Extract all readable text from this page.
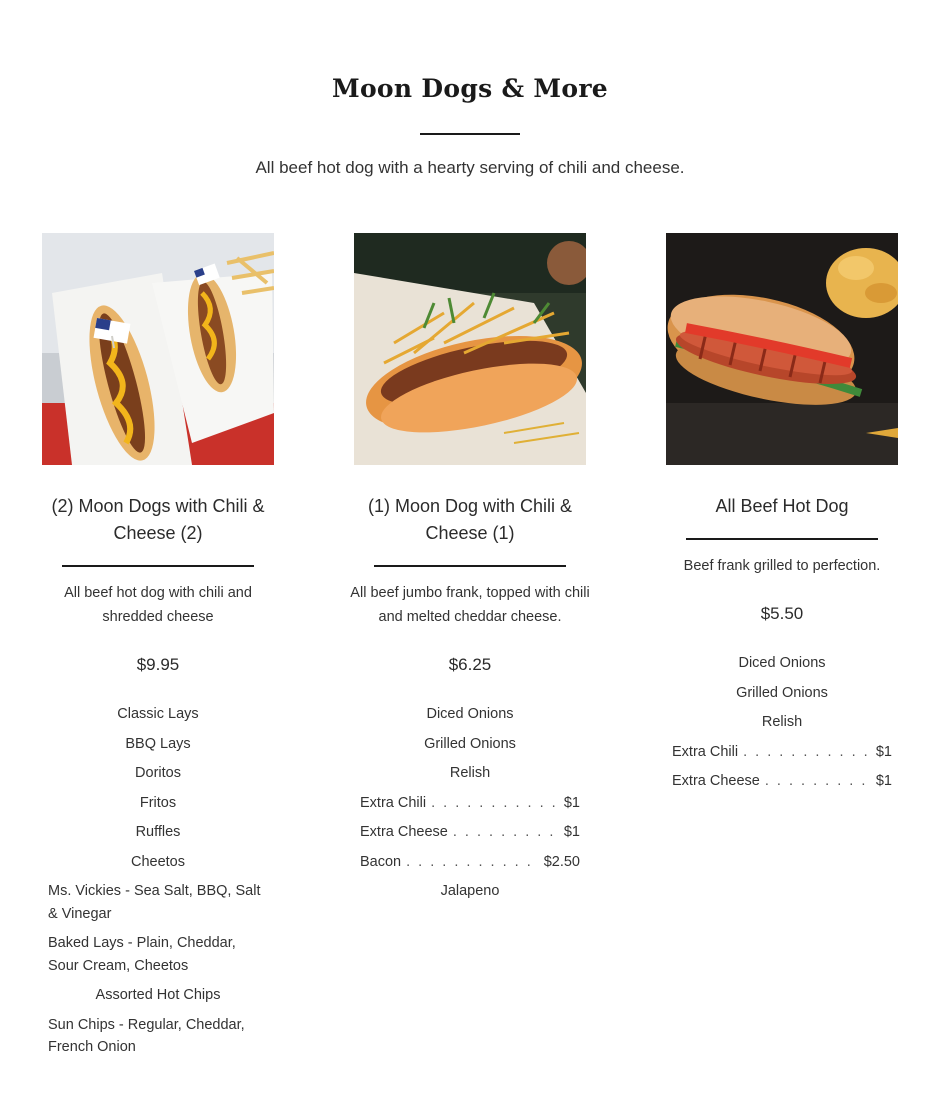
Moon Dogs & More

All beef hot dog with a hearty serving of chili and cheese.

(2) Moon Dogs with Chili & Cheese (2)
All beef hot dog with chili and shredded cheese
$9.95
Classic Lays
BBQ Lays
Doritos
Fritos
Ruffles
Cheetos
Ms. Vickies - Sea Salt, BBQ, Salt & Vinegar
Baked Lays - Plain, Cheddar, Sour Cream, Cheetos
Assorted Hot Chips
Sun Chips - Regular, Cheddar, French Onion
(1) Moon Dog with Chili & Cheese (1)
All beef jumbo frank, topped with chili and melted cheddar cheese.
$6.25
Diced Onions
Grilled Onions
Relish
Extra Chili . . .	$1
Extra Cheese . . .	$1
Bacon . . .	$2.50
Jalapeno
All Beef Hot Dog
Beef frank grilled to perfection.
$5.50
Diced Onions
Grilled Onions
Relish
Extra Chili . . .	$1
Extra Cheese . . .	$1
